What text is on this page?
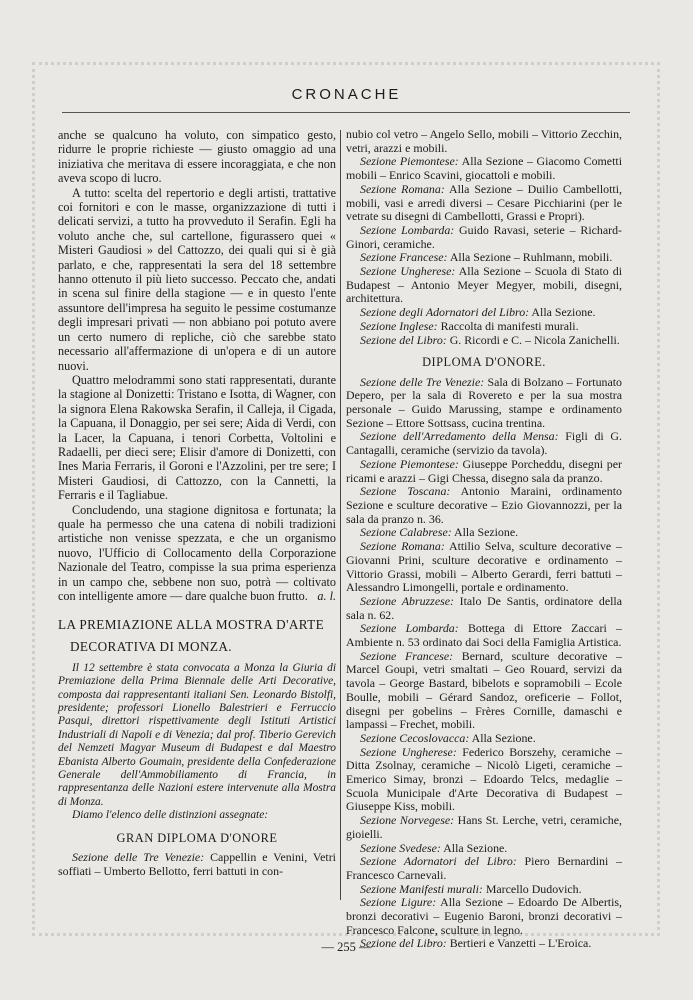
CRONACHE

anche se qualcuno ha voluto, con simpatico gesto, ridurre le proprie richieste — giusto omaggio ad una iniziativa che meritava di essere incoraggiata, e che non aveva scopo di lucro.

A tutto: scelta del repertorio e degli artisti, trattative coi fornitori e con le masse, organizzazione di tutti i delicati servizi, a tutto ha provveduto il Serafin. Egli ha voluto anche che, sul cartellone, figurassero quei « Misteri Gaudiosi » del Cattozzo, dei quali qui si è già parlato, e che, rappresentati la sera del 18 settembre hanno ottenuto il più lieto successo. Peccato che, andati in scena sul finire della stagione — e in questo l'ente assuntore dell'impresa ha seguito le pessime costumanze degli impresari privati — non abbiano poi potuto avere un certo numero di repliche, ciò che sarebbe stato necessario all'affermazione di un'opera e di un autore nuovi.

Quattro melodrammi sono stati rappresentati, durante la stagione al Donizetti: Tristano e Isotta, di Wagner, con la signora Elena Rakowska Serafin, il Calleja, il Cigada, la Capuana, il Donaggio, per sei sere; Aida di Verdi, con la Lacer, la Capuana, i tenori Corbetta, Voltolini e Radaelli, per dieci sere; Elisir d'amore di Donizetti, con Ines Maria Ferraris, il Goroni e l'Azzolini, per tre sere; I Misteri Gaudiosi, di Cattozzo, con la Cannetti, la Ferraris e il Tagliabue.

Concludendo, una stagione dignitosa e fortunata; la quale ha permesso che una catena di nobili tradizioni artistiche non venisse spezzata, e che un organismo nuovo, l'Ufficio di Collocamento della Corporazione Nazionale del Teatro, compisse la sua prima esperienza in un campo che, sebbene non suo, potrà — coltivato con intelligente amore — dare qualche buon frutto. a. l.
LA PREMIAZIONE ALLA MOSTRA D'ARTE
DECORATIVA DI MONZA.

Il 12 settembre è stata convocata a Monza la Giuria di Premiazione della Prima Biennale delle Arti Decorative, composta dai rappresentanti italiani Sen. Leonardo Bistolfi, presidente; professori Lionello Balestrieri e Ferruccio Pasqui, direttori rispettivamente degli Istituti Artistici Industriali di Napoli e di Venezia; dal prof. Tiberio Gerevich del Nemzeti Magyar Museum di Budapest e dal Maestro Ebanista Alberto Goumain, presidente della Confederazione Generale dell'Ammobiliamento di Francia, in rappresentanza delle Nazioni estere intervenute alla Mostra di Monza.

Diamo l'elenco delle distinzioni assegnate:

GRAN DIPLOMA D'ONORE

Sezione delle Tre Venezie: Cappellin e Venini, Vetri soffiati – Umberto Bellotto, ferri battuti in con-

nubio col vetro – Angelo Sello, mobili – Vittorio Zecchin, vetri, arazzi e mobili.

Sezione Piemontese: Alla Sezione – Giacomo Cometti mobili – Enrico Scavini, giocattoli e mobili.

Sezione Romana: Alla Sezione – Duilio Cambellotti, mobili, vasi e arredi diversi – Cesare Picchiarini (per le vetrate su disegni di Cambellotti, Grassi e Propri).

Sezione Lombarda: Guido Ravasi, seterie – Richard-Ginori, ceramiche.

Sezione Francese: Alla Sezione – Ruhlmann, mobili.

Sezione Ungherese: Alla Sezione – Scuola di Stato di Budapest – Antonio Meyer Megyer, mobili, disegni, architettura.

Sezione degli Adornatori del Libro: Alla Sezione.

Sezione Inglese: Raccolta di manifesti murali.

Sezione del Libro: G. Ricordi e C. – Nicola Zanichelli.

DIPLOMA D'ONORE.

Sezione delle Tre Venezie: Sala di Bolzano – Fortunato Depero, per la sala di Rovereto e per la sua mostra personale – Guido Marussing, stampe e ordinamento Sezione – Ettore Sottsass, cucina trentina.

Sezione dell'Arredamento della Mensa: Figli di G. Cantagalli, ceramiche (servizio da tavola).

Sezione Piemontese: Giuseppe Porcheddu, disegni per ricami e arazzi – Gigi Chessa, disegno sala da pranzo.

Sezione Toscana: Antonio Maraini, ordinamento Sezione e sculture decorative – Ezio Giovannozzi, per la sala da pranzo n. 36.

Sezione Calabrese: Alla Sezione.

Sezione Romana: Attilio Selva, sculture decorative – Giovanni Prini, sculture decorative e ordinamento – Vittorio Grassi, mobili – Alberto Gerardi, ferri battuti – Alessandro Limongelli, portale e ordinamento.

Sezione Abruzzese: Italo De Santis, ordinatore della sala n. 62.

Sezione Lombarda: Bottega di Ettore Zaccari – Ambiente n. 53 ordinato dai Soci della Famiglia Artistica.

Sezione Francese: Bernard, sculture decorative – Marcel Goupi, vetri smaltati – Geo Rouard, servizi da tavola – George Bastard, bibelots e sopramobili – Ecole Boulle, mobili – Gérard Sandoz, oreficerie – Follot, disegni per gobelins – Frères Cornille, damaschi e lampassi – Frechet, mobili.

Sezione Cecoslovacca: Alla Sezione.

Sezione Ungherese: Federico Borszehy, ceramiche – Ditta Zsolnay, ceramiche – Nicolò Ligeti, ceramiche – Emerico Simay, bronzi – Edoardo Telcs, medaglie – Scuola Municipale d'Arte Decorativa di Budapest – Giuseppe Kiss, mobili.

Sezione Norvegese: Hans St. Lerche, vetri, ceramiche, gioielli.

Sezione Svedese: Alla Sezione.

Sezione Adornatori del Libro: Piero Bernardini – Francesco Carnevali.

Sezione Manifesti murali: Marcello Dudovich.

Sezione Ligure: Alla Sezione – Edoardo De Albertis, bronzi decorativi – Eugenio Baroni, bronzi decorativi – Francesco Falcone, sculture in legno.

Sezione del Libro: Bertieri e Vanzetti – L'Eroica.

— 255 —
